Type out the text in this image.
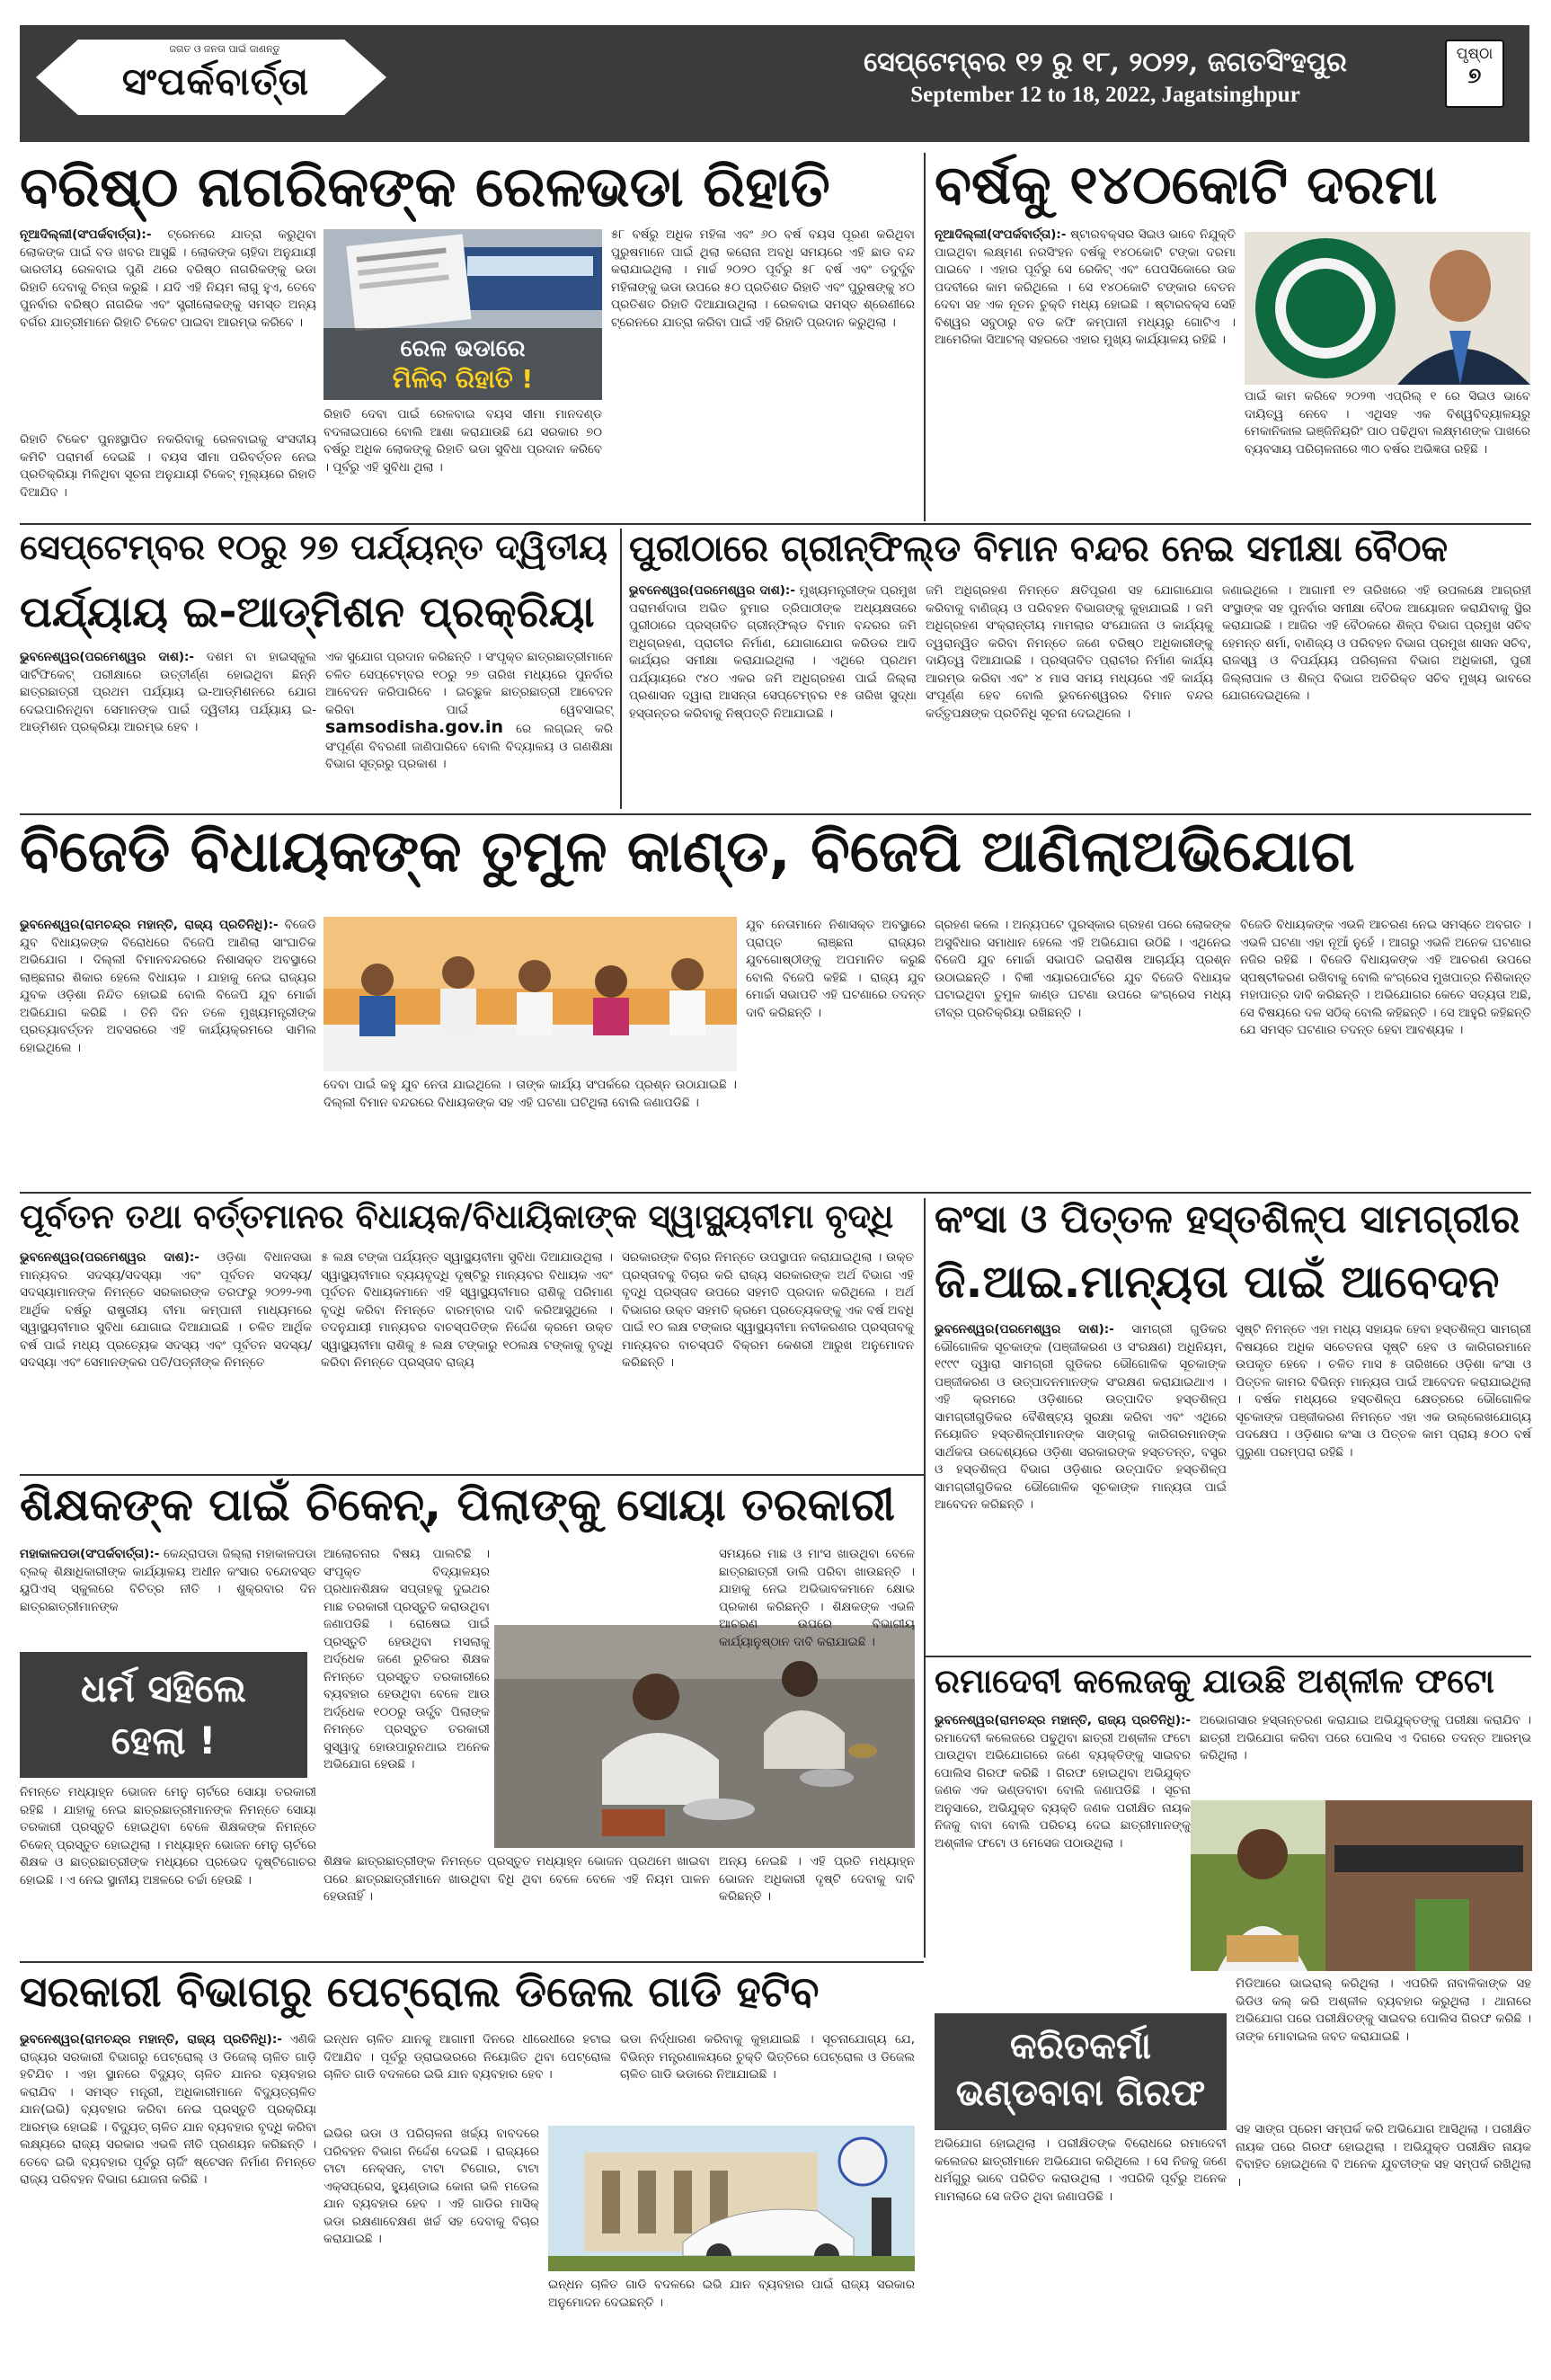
ଜଗତ ଓ ଜନତା ପାଇଁ ଜାଣନ୍ତୁ
ସଂପର୍କବାର୍ତ୍ତା	ସେପ୍ଟେମ୍ବର ୧୨ ରୁ ୧୮, ୨୦୨୨, ଜଗତସିଂହପୁର
September 12 to 18, 2022, Jagatsinghpur
ପୃଷ୍ଠା
୭
ବରିଷ୍ଠ ନାଗରିକଙ୍କ ରେଳଭଡା ରିହାତି
ନୂଆଦିଲ୍ଲୀ(ସଂପର୍କବାର୍ତ୍ତା):- ଟ୍ରେନରେ ଯାତ୍ରା କରୁଥିବା ଲୋକଙ୍କ ପାଇଁ ବଡ ଖବର ଆସୁଛି । ଲୋକଙ୍କ ଚାହିଦା ଅନୁଯାୟୀ ଭାରତୀୟ ରେଳବାଇ ପୁଣି ଥରେ ବରିଷ୍ଠ ନାଗରିକଙ୍କୁ ଭଡା ରିହାତି ଦେବାକୁ ଚିନ୍ତା କରୁଛି । ଯଦି ଏହି ନିୟମ ଲାଗୁ ହୁଏ, ତେବେ ପୁନର୍ବାର ବରିଷ୍ଠ ନାଗରିକ ଏବଂ ସ୍ତ୍ରୀଲୋକଙ୍କୁ ସମସ୍ତ ଅନ୍ୟ ବର୍ଗର ଯାତ୍ରୀମାନେ ରିହାତି ଟିକେଟ ପାଇବା ଆରମ୍ଭ କରିବେ ।
ରେଳ ଭଡାରେ
ମିଳିବ ରିହାତି !
ରିହାତି ଟିକେଟ ପୁନଃସ୍ଥାପିତ ନକରିବାକୁ ରେଳବାଇକୁ ସଂସଦୀୟ କମିଟି ପରାମର୍ଶ ଦେଇଛି । ବୟସ ସୀମା ପରିବର୍ତ୍ତନ ନେଇ ପ୍ରତିକ୍ରିୟା ମିଳିଥିବା ସୂଚନା ଅନୁଯାୟୀ ଟିକେଟ୍ ମୂଲ୍ୟରେ ରିହାତି ଦିଆଯିବ ।
ରିହାତି ଦେବା ପାଇଁ ରେଳବାଇ ବୟସ ସୀମା ମାନଦଣ୍ଡ ବଦଳାଇପାରେ ବୋଲି ଆଶା କରାଯାଉଛି ଯେ ସରକାର ୭୦ ବର୍ଷରୁ ଅଧିକ ଲୋକଙ୍କୁ ରିହାତି ଭଡା ସୁବିଧା ପ୍ରଦାନ କରିବେ । ପୂର୍ବରୁ ଏହି ସୁବିଧା ଥିଲା ।
୫୮ ବର୍ଷରୁ ଅଧିକ ମହିଳା ଏବଂ ୬୦ ବର୍ଷ ବୟସ ପୂରଣ କରିଥିବା ପୁରୁଷମାନେ ପାଇଁ ଥିଲା କରୋନା ଅବଧି ସମୟରେ ଏହି ଛାଡ ବନ୍ଦ କରାଯାଇଥିଲା । ମାର୍ଚ୍ଚ ୨୦୨୦ ପୂର୍ବରୁ ୫୮ ବର୍ଷ ଏବଂ ତଦୁର୍ଦ୍ଧ୍ବ ମହିଳାଙ୍କୁ ଭଡା ଉପରେ ୫୦ ପ୍ରତିଶତ ରିହାତି ଏବଂ ପୁରୁଷଙ୍କୁ ୪୦ ପ୍ରତିଶତ ରିହାତି ଦିଆଯାଉଥିଲା । ରେଳବାଇ ସମସ୍ତ ଶ୍ରେଣୀରେ ଟ୍ରେନରେ ଯାତ୍ରା କରିବା ପାଇଁ ଏହି ରିହାତି ପ୍ରଦାନ କରୁଥିଲା ।
ବର୍ଷକୁ ୧୪୦କୋଟି ଦରମା
ନୂଆଦିଲ୍ଲୀ(ସଂପର୍କବାର୍ତ୍ତା):- ଷ୍ଟାରବକ୍ସର ସିଇଓ ଭାବେ ନିଯୁକ୍ତି ପାଇଥିବା ଲକ୍ଷ୍ମଣ ନରସିଂହନ ବର୍ଷକୁ ୧୪୦କୋଟି ଟଙ୍କା ଦରମା ପାଇବେ । ଏହାର ପୂର୍ବରୁ ସେ ରେକିଟ୍ ଏବଂ ପେପସିକୋରେ ଉଚ୍ଚ ପଦବୀରେ କାମ କରିଥିଲେ । ସେ ୧୪୦କୋଟି ଟଙ୍କାର ବେତନ ଦେବା ସହ ଏକ ନୂତନ ଚୁକ୍ତି ମଧ୍ୟ ହୋଇଛି । ଷ୍ଟାରବକ୍ସ ସେହି ବିଶ୍ୱର ସବୁଠାରୁ ବଡ କଫି କମ୍ପାନୀ ମଧ୍ୟରୁ ଗୋଟିଏ । ଆମେରିକା ସିଆଟଲ୍ ସହରରେ ଏହାର ମୁଖ୍ୟ କାର୍ଯ୍ୟାଳୟ ରହିଛି ।
ପାଇଁ କାମ କରିବେ ୨୦୨୩ ଏପ୍ରିଲ୍ ୧ ରେ ସିଇଓ ଭାବେ ଦାୟିତ୍ୱ ନେବେ । ଏଥିସହ ଏକ ବିଶ୍ୱବିଦ୍ୟାଳୟରୁ ମେକାନିକାଲ ଇଞ୍ଜିନିୟରିଂ ପାଠ ପଢିଥିବା ଲକ୍ଷ୍ମଣଙ୍କ ପାଖରେ ବ୍ୟବସାୟ ପରିଚାଳନାରେ ୩୦ ବର୍ଷର ଅଭିଜ୍ଞତା ରହିଛି ।
ସେପ୍ଟେମ୍ବର ୧୦ରୁ ୨୭ ପର୍ଯ୍ୟନ୍ତ ଦ୍ୱିତୀୟ
ପର୍ଯ୍ୟାୟ ଇ-ଆଡ୍‌ମିଶନ ପ୍ରକ୍ରିୟା
ଭୁବନେଶ୍ୱର(ପରମେଶ୍ୱର ଦାଶ):- ଦଶମ ବା ହାଇସ୍କୁଲ ସାର୍ଟିଫିକେଟ୍ ପରୀକ୍ଷାରେ ଉତ୍ତୀର୍ଣ୍ଣ ହୋଇଥିବା ଛିନ୍ନି ଛାତ୍ରଛାତ୍ରୀ ପ୍ରଥମ ପର୍ଯ୍ୟାୟ ଇ-ଆଡ୍‌ମିଶନରେ ଯୋଗ ଦେଇପାରିନଥିବା ସେମାନଙ୍କ ପାଇଁ ଦ୍ୱିତୀୟ ପର୍ଯ୍ୟାୟ ଇ-ଆଡ୍‌ମିଶନ ପ୍ରକ୍ରିୟା ଆରମ୍ଭ ହେବ ।
ଏକ ସୁଯୋଗ ପ୍ରଦାନ କରିଛନ୍ତି । ସଂପୃକ୍ତ ଛାତ୍ରଛାତ୍ରୀମାନେ ଚଳିତ ସେପ୍ଟେମ୍ବର ୧୦ରୁ ୨୭ ତାରିଖ ମଧ୍ୟରେ ପୁନର୍ବାର ଆବେଦନ କରିପାରିବେ । ଇଚ୍ଛୁକ ଛାତ୍ରଛାତ୍ରୀ ଆବେଦନ କରିବା ପାଇଁ ୱେବସାଇଟ୍ samsodisha.gov.in ରେ ଲଗ୍‌ଇନ୍ କରି ସଂପୂର୍ଣ୍ଣ ବିବରଣୀ ଜାଣିପାରିବେ ବୋଲି ବିଦ୍ୟାଳୟ ଓ ଗଣଶିକ୍ଷା ବିଭାଗ ସୂତ୍ରରୁ ପ୍ରକାଶ ।
ପୁରୀଠାରେ ଗ୍ରୀନ୍‌ଫିଲ୍ଡ ବିମାନ ବନ୍ଦର ନେଇ ସମୀକ୍ଷା ବୈଠକ
ଭୁବନେଶ୍ୱର(ପରମେଶ୍ୱର ଦାଶ):- ମୁଖ୍ୟମନ୍ତ୍ରୀଙ୍କ ପ୍ରମୁଖ ପରାମର୍ଶଦାତା ଅଭିତ ବୁମାର ତ୍ରିପାଠୀଙ୍କ ଅଧ୍ୟକ୍ଷତାରେ ପୁରୀଠାରେ ପ୍ରସ୍ତାବିତ ଗ୍ରୀନ୍‌ଫିଲ୍ଡ ବିମାନ ବନ୍ଦରର ଜମି ଅଧିଗ୍ରହଣ, ପ୍ରାଚୀର ନିର୍ମାଣ, ଯୋଗାଯୋଗ କରିଡର ଆଦି କାର୍ଯ୍ୟର ସମୀକ୍ଷା କରାଯାଇଥିଲା । ଏଥିରେ ପ୍ରଥମ ପର୍ଯ୍ୟାୟରେ ୯୪୦ ଏକର ଜମି ଅଧିଗ୍ରହଣ ପାଇଁ ଜିଲ୍ଲା ପ୍ରଶାସନ ଦ୍ୱାରା ଆସନ୍ତା ସେପ୍ଟେମ୍ବର ୧୫ ତାରିଖ ସୁଦ୍ଧା ହସ୍ତାନ୍ତର କରିବାକୁ ନିଷ୍ପତ୍ତି ନିଆଯାଇଛି ।
ଜମି ଅଧିଗ୍ରହଣ ନିମନ୍ତେ କ୍ଷତିପୂରଣ ସହ ଯୋଗାଯୋଗ କରିବାକୁ ବାଣିଜ୍ୟ ଓ ପରିବହନ ବିଭାଗଙ୍କୁ କୁହାଯାଇଛି । ଜମି ଅଧିଗ୍ରହଣ ସଂକ୍ରାନ୍ତୀୟ ମାମଲାର ସଂଯୋଜନା ଓ କାର୍ଯ୍ୟକୁ ତ୍ୱରାନ୍ୱିତ କରିବା ନିମନ୍ତେ ଜଣେ ବରିଷ୍ଠ ଅଧିକାରୀଙ୍କୁ ଦାୟିତ୍ୱ ଦିଆଯାଇଛି । ପ୍ରସ୍ତାବିତ ପ୍ରାଚୀର ନିର୍ମାଣ କାର୍ଯ୍ୟ ଆରମ୍ଭ କରିବା ଏବଂ ୪ ମାସ ସମୟ ମଧ୍ୟରେ ଏହି କାର୍ଯ୍ୟ ସଂପୂର୍ଣ୍ଣ ହେବ ବୋଲି ଭୁବନେଶ୍ୱରର ବିମାନ ବନ୍ଦର କର୍ତ୍ତୃପକ୍ଷଙ୍କ ପ୍ରତିନିଧି ସୂଚନା ଦେଇଥିଲେ ।
ଜଣାଇଥିଲେ । ଆଗାମୀ ୧୨ ତାରିଖରେ ଏହି ଉପଲକ୍ଷେ ଆଗ୍ରହୀ ସଂସ୍ଥାଙ୍କ ସହ ପୁନର୍ବାର ସମୀକ୍ଷା ବୈଠକ ଆୟୋଜନ କରାଯିବାକୁ ସ୍ଥିର କରାଯାଇଛି । ଆଜିର ଏହି ବୈଠକରେ ଶିଳ୍ପ ବିଭାଗ ପ୍ରମୁଖ ସଚିବ ହେମନ୍ତ ଶର୍ମା, ବାଣିଜ୍ୟ ଓ ପରିବହନ ବିଭାଗ ପ୍ରମୁଖ ଶାସନ ସଚିବ, ରାଜସ୍ୱ ଓ ବିପର୍ଯ୍ୟୟ ପରିଚାଳନା ବିଭାଗ ଅଧିକାରୀ, ପୁରୀ ଜିଲ୍ଲାପାଳ ଓ ଶିଳ୍ପ ବିଭାଗ ଅତିରିକ୍ତ ସଚିବ ମୁଖ୍ୟ ଭାବରେ ଯୋଗଦେଇଥିଲେ ।
ବିଜେଡି ବିଧାୟକଙ୍କ ତୁମୁଳ କାଣ୍ଡ, ବିଜେପି ଆଣିଲାଅଭିଯୋଗ
ଭୁବନେଶ୍ୱର(ରାମଚନ୍ଦ୍ର ମହାନ୍ତି, ରାଜ୍ୟ ପ୍ରତିନିଧି):- ବିଜେଡି ଯୁବ ବିଧାୟକଙ୍କ ବିରୋଧରେ ବିଜେପି ଆଣିଲା ସାଂଘାତିକ ଅଭିଯୋଗ । ଦିଲ୍ଲୀ ବିମାନବନ୍ଦରରେ ନିଶାସକ୍ତ ଅବସ୍ଥାରେ ଲାଞ୍ଛନାର ଶିକାର ହେଲେ ବିଧାୟକ । ଯାହାକୁ ନେଇ ରାଜ୍ୟର ଯୁବକ ଓଡ଼ିଶା ନିନ୍ଦିତ ହୋଇଛି ବୋଲି ବିଜେପି ଯୁବ ମୋର୍ଚ୍ଚା ଅଭିଯୋଗ କରିଛି । ତିନି ଦିନ ତଳେ ମୁଖ୍ୟମନ୍ତ୍ରୀଙ୍କ ପ୍ରତ୍ୟାବର୍ତ୍ତନ ଅବସରରେ ଏହି କାର୍ଯ୍ୟକ୍ରମରେ ସାମିଲ ହୋଇଥିଲେ ।
ଦେବା ପାଇଁ କହୁ ଯୁବ ନେତା ଯାଇଥିଲେ । ତାଙ୍କ କାର୍ଯ୍ୟ ସଂପର୍କରେ ପ୍ରଶ୍ନ ଉଠାଯାଇଛି । ଦିଲ୍ଲୀ ବିମାନ ବନ୍ଦରରେ ବିଧାୟକଙ୍କ ସହ ଏହି ଘଟଣା ଘଟିଥିଲା ବୋଲି ଜଣାପଡିଛି ।
ଯୁବ ନେତାମାନେ ନିଶାସକ୍ତ ଅବସ୍ଥାରେ ପ୍ରାପ୍ତ ଲାଞ୍ଛନା ରାଜ୍ୟର ଯୁବଗୋଷ୍ଠୀଙ୍କୁ ଅପମାନିତ କରୁଛି ବୋଲି ବିଜେପି କହିଛି । ରାଜ୍ୟ ଯୁବ ମୋର୍ଚ୍ଚା ସଭାପତି ଏହି ଘଟଣାରେ ତଦନ୍ତ ଦାବି କରିଛନ୍ତି ।
ଗ୍ରହଣ କଲେ । ଅନ୍ୟପଟେ ପୁରସ୍କାର ଗ୍ରହଣ ପରେ ଲୋକଙ୍କ ଅସୁବିଧାର ସମାଧାନ ହେଲେ ଏହି ଅଭିଯୋଗ ଉଠିଛି । ଏଥିନେଇ ବିଜେପି ଯୁବ ମୋର୍ଚ୍ଚା ସଭାପତି ଇରାଶିଷ ଆଚାର୍ଯ୍ୟ ପ୍ରଶ୍ନ ଉଠାଇଛନ୍ତି । ବିଜ୍ଞୀ ଏୟାରପୋର୍ଟରେ ଯୁବ ବିଜେଡି ବିଧାୟକ ଘଟାଇଥିବା ତୁମୁଳ କାଣ୍ଡ ଘଟଣା ଉପରେ କଂଗ୍ରେସ ମଧ୍ୟ ତୀବ୍ର ପ୍ରତିକ୍ରିୟା ରଖିଛନ୍ତି ।
ବିଜେଡି ବିଧାୟକଙ୍କ ଏଭଳି ଆଚରଣ ନେଇ ସମସ୍ତେ ଅବଗତ । ଏଭଳି ଘଟଣା ଏହା ନୂଆଁ ନୁହେଁ । ଆଗରୁ ଏଭଳି ଅନେକ ଘଟଣାର ନଜିର ରହିଛି । ବିଜେଡି ବିଧାୟକଙ୍କ ଏହି ଆଚରଣ ଉପରେ ସ୍ପଷ୍ଟୀକରଣ ରଖିବାକୁ ବୋଲି କଂଗ୍ରେସ ମୁଖପାତ୍ର ନିଶିକାନ୍ତ ମହାପାତ୍ର ଦାବି କରିଛନ୍ତି । ଅଭିଯୋଗର କେତେ ସତ୍ୟତା ଅଛି, ସେ ବିଷୟରେ ଦଳ ସଠିକ୍ ବୋଲି କହିଛନ୍ତି । ସେ ଆହୁରି କହିଛନ୍ତି ଯେ ସମସ୍ତ ଘଟଣାର ତଦନ୍ତ ହେବା ଆବଶ୍ୟକ ।
ପୂର୍ବତନ ତଥା ବର୍ତ୍ତମାନର ବିଧାୟକ/ବିଧାୟିକାଙ୍କ ସ୍ୱାସ୍ଥ୍ୟବୀମା ବୃଦ୍ଧି
ଭୁବନେଶ୍ୱର(ପରମେଶ୍ୱର ଦାଶ):- ଓଡ଼ିଶା ବିଧାନସଭା ମାନ୍ୟବର ସଦସ୍ୟ/ସଦସ୍ୟା ଏବଂ ପୂର୍ବତନ ସଦସ୍ୟ/ସଦସ୍ୟାମାନଙ୍କ ନିମନ୍ତେ ସରକାରଙ୍କ ତରଫରୁ ୨୦୨୨-୨୩ ଆର୍ଥିକ ବର୍ଷରୁ ରାଷ୍ଟ୍ରୀୟ ବୀମା କମ୍ପାନୀ ମାଧ୍ୟମରେ ସ୍ୱାସ୍ଥ୍ୟବୀମାର ସୁବିଧା ଯୋଗାଇ ଦିଆଯାଇଛି । ଚଳିତ ଆର୍ଥିକ ବର୍ଷ ପାଇଁ ମଧ୍ୟ ପ୍ରତ୍ୟେକ ସଦସ୍ୟ ଏବଂ ପୂର୍ବତନ ସଦସ୍ୟ/ସଦସ୍ୟା ଏବଂ ସେମାନଙ୍କର ପତି/ପତ୍ନୀଙ୍କ ନିମନ୍ତେ
୫ ଲକ୍ଷ ଟଙ୍କା ପର୍ଯ୍ୟନ୍ତ ସ୍ୱାସ୍ଥ୍ୟବୀମା ସୁବିଧା ଦିଆଯାଉଥିଲା । ସ୍ୱାସ୍ଥ୍ୟବୀମାର ବ୍ୟୟବୃଦ୍ଧି ଦୃଷ୍ଟିରୁ ମାନ୍ୟବର ବିଧାୟକ ଏବଂ ପୂର୍ବତନ ବିଧାୟକମାନେ ଏହି ସ୍ୱାସ୍ଥ୍ୟବୀମାର ରାଶିକୁ ପରିମାଣ ବୃଦ୍ଧି କରିବା ନିମନ୍ତେ ବାରମ୍ବାର ଦାବି କରିଆସୁଥିଲେ । ତଦନୁଯାୟୀ ମାନ୍ୟବର ବାଚସ୍ପତିଙ୍କ ନିର୍ଦ୍ଦେଶ କ୍ରମେ ଉକ୍ତ ସ୍ୱାସ୍ଥ୍ୟବୀମା ରାଶିକୁ ୫ ଲକ୍ଷ ଟଙ୍କାରୁ ୧୦ଲକ୍ଷ ଟଙ୍କାକୁ ବୃଦ୍ଧି କରିବା ନିମନ୍ତେ ପ୍ରସ୍ତାବ ରାଜ୍ୟ
ସରକାରଙ୍କ ବିଚାର ନିମନ୍ତେ ଉପସ୍ଥାପନ କରାଯାଇଥିଲା । ଉକ୍ତ ପ୍ରସ୍ତାବକୁ ବିଚାର କରି ରାଜ୍ୟ ସରକାରଙ୍କ ଅର୍ଥ ବିଭାଗ ଏହି ବୃଦ୍ଧି ପ୍ରସ୍ତାବ ଉପରେ ସହମତି ପ୍ରଦାନ କରିଥିଲେ । ଅର୍ଥ ବିଭାଗର ଉକ୍ତ ସହମତି କ୍ରମେ ପ୍ରତ୍ୟେକଙ୍କୁ ଏକ ବର୍ଷ ଅବଧି ପାଇଁ ୧୦ ଲକ୍ଷ ଟଙ୍କାର ସ୍ୱାସ୍ଥ୍ୟବୀମା ନବୀକରଣର ପ୍ରସ୍ତାବକୁ ମାନ୍ୟବର ବାଚସ୍ପତି ବିକ୍ରମ କେଶରୀ ଆରୁଖ ଅନୁମୋଦନ କରିଛନ୍ତି ।
କଂସା ଓ ପିତ୍ତଳ ହସ୍ତଶିଳ୍ପ ସାମଗ୍ରୀର
ଜି.ଆଇ.ମାନ୍ୟତା ପାଇଁ ଆବେଦନ
ଭୁବନେଶ୍ୱର(ପରମେଶ୍ୱର ଦାଶ):- ସାମଗ୍ରୀ ଗୁଡିକର ଭୌଗୋଳିକ ସୂଚକାଙ୍କ (ପଞ୍ଜୀକରଣ ଓ ସଂରକ୍ଷଣ) ଅଧିନିୟମ, ୧୯୯୯ ଦ୍ୱାରା ସାମଗ୍ରୀ ଗୁଡିକର ଭୌଗୋଳିକ ସୂଚକାଙ୍କ ପଞ୍ଜୀକରଣ ଓ ଉତ୍ପାଦନମାନଙ୍କ ସଂରକ୍ଷଣ କରାଯାଇଥାଏ । ଏହି କ୍ରମରେ ଓଡ଼ିଶାରେ ଉତ୍ପାଦିତ ହସ୍ତଶିଳ୍ପ ସାମଗ୍ରୀଗୁଡିକର ବୈଶିଷ୍ଟ୍ୟ ସୁରକ୍ଷା କରିବା ଏବଂ ଏଥିରେ ନିୟୋଜିତ ହସ୍ତଶିଳ୍ପୀମାନଙ୍କ ସାଙ୍ଗକୁ କାରିଗରମାନଙ୍କ ସାର୍ଥକତା ଉଦ୍ଦେଶ୍ୟରେ ଓଡ଼ିଶା ସରକାରଙ୍କ ହସ୍ତତନ୍ତ, ବସ୍ତ୍ର ଓ ହସ୍ତଶିଳ୍ପ ବିଭାଗ ଓଡ଼ିଶାର ଉତ୍ପାଦିତ ହସ୍ତଶିଳ୍ପ ସାମଗ୍ରୀଗୁଡିକର ଭୌଗୋଳିକ ସୂଚକାଙ୍କ ମାନ୍ୟତା ପାଇଁ ଆବେଦନ କରିଛନ୍ତି ।
ସୃଷ୍ଟି ନିମନ୍ତେ ଏହା ମଧ୍ୟ ସହାୟକ ହେବା ହସ୍ତଶିଳ୍ପ ସାମଗ୍ରୀ ବିଷୟରେ ଅଧିକ ସଚେତନତା ସୃଷ୍ଟି ହେବ ଓ କାରିଗରମାନେ ଉପକୃତ ହେବେ । ଚଳିତ ମାସ ୫ ତାରିଖରେ ଓଡ଼ିଶା କଂସା ଓ ପିତ୍ତଳ କାମର ବିଭିନ୍ନ ମାନ୍ୟତା ପାଇଁ ଆବେଦନ କରାଯାଇଥିଲା । ବର୍ଷକ ମଧ୍ୟରେ ହସ୍ତଶିଳ୍ପ କ୍ଷେତ୍ରରେ ଭୌଗୋଳିକ ସୂଚକାଙ୍କ ପଞ୍ଜୀକରଣ ନିମନ୍ତେ ଏହା ଏକ ଉଲ୍ଲେଖଯୋଗ୍ୟ ପଦକ୍ଷେପ । ଓଡ଼ିଶାର କଂସା ଓ ପିତ୍ତଳ କାମ ପ୍ରାୟ ୫୦୦ ବର୍ଷ ପୁରୁଣା ପରମ୍ପରା ରହିଛି ।
ଶିକ୍ଷକଙ୍କ ପାଇଁ ଚିକେନ୍, ପିଲାଙ୍କୁ ସୋୟା ତରକାରୀ
ମହାକାଳପଡା(ସଂପର୍କବାର୍ତ୍ତା):- କେନ୍ଦ୍ରାପଡା ଜିଲ୍ଲା ମହାକାଳପଡା ବ୍ଲକ୍ ଶିକ୍ଷାଧିକାରୀଙ୍କ କାର୍ଯ୍ୟାଳୟ ଅଧୀନ କଂସାର ବନ୍ଦୋବସ୍ତ ୟୁପିଏସ୍ ସ୍କୁଲରେ ବିଚିତ୍ର ନୀତି । ଶୁକ୍ରବାର ଦିନ ଛାତ୍ରଛାତ୍ରୀମାନଙ୍କ
ଧର୍ମ ସହିଲେ
ହେଲା !
ନିମନ୍ତେ ମଧ୍ୟାହ୍ନ ଭୋଜନ ମେନୁ ଚାର୍ଟରେ ସୋୟା ତରକାରୀ ରହିଛି । ଯାହାକୁ ନେଇ ଛାତ୍ରଛାତ୍ରୀମାନଙ୍କ ନିମନ୍ତେ ସୋୟା ତରକାରୀ ପ୍ରସ୍ତୁତି ହୋଇଥିବା ବେଳେ ଶିକ୍ଷକଙ୍କ ନିମନ୍ତେ ଚିକେନ୍ ପ୍ରସ୍ତୁତ ହୋଇଥିଲା । ମଧ୍ୟାହ୍ନ ଭୋଜନ ମେନୁ ଚାର୍ଟରେ ଶିକ୍ଷକ ଓ ଛାତ୍ରଛାତ୍ରୀଙ୍କ ମଧ୍ୟରେ ପ୍ରଭେଦ ଦୃଷ୍ଟିଗୋଚର ହୋଇଛି । ଏ ନେଇ ସ୍ଥାନୀୟ ଅଞ୍ଚଳରେ ଚର୍ଚ୍ଚା ହେଉଛି ।
ଆଲୋଚନାର ବିଷୟ ପାଲଟିଛି । ସଂପୃକ୍ତ ବିଦ୍ୟାଳୟର ପ୍ରଧାନଶିକ୍ଷକ ସପ୍ତାହକୁ ଦୁଇଥର ମାଛ ତରକାରୀ ପ୍ରସ୍ତୁତି କରାଉଥିବା ଜଣାପଡିଛି । ରୋଷେଇ ପାଇଁ ପ୍ରସ୍ତୁତି ହେଉଥିବା ମସଲାକୁ ଅର୍ଦ୍ଧେକ ଜଣେ ରୁଚିକର ଶିକ୍ଷକ ନିମନ୍ତେ ପ୍ରସ୍ତୁତ ତରକାରୀରେ ବ୍ୟବହାର ହେଉଥିବା ବେଳେ ଆଉ ଅର୍ଦ୍ଧେକ ୧୦୦ରୁ ଊର୍ଦ୍ଧ୍ବ ପିଲାଙ୍କ ନିମନ୍ତେ ପ୍ରସ୍ତୁତ ତରକାରୀ ସୁସ୍ୱାଦୁ ହୋଉପାରୁନଥାଇ ଅନେକ ଅଭିଯୋଗ ହେଉଛି ।
ଶିକ୍ଷକ ଛାତ୍ରଛାତ୍ରୀଙ୍କ ନିମନ୍ତେ ପ୍ରସ୍ତୁତ ମଧ୍ୟାହ୍ନ ଭୋଜନ ପ୍ରଥମେ ଖାଇବା ପରେ ଛାତ୍ରଛାତ୍ରୀମାନେ ଖାଉଥିବା ବିଧି ଥିବା ବେଳେ ବେଳେ ଏହି ନିୟମ ପାଳନ ହେଉନାହିଁ ।
ସମୟରେ ମାଛ ଓ ମାଂସ ଖାଉଥିବା ବେଳେ ଛାତ୍ରଛାତ୍ରୀ ଡାଲି ପରିବା ଖାଉଛନ୍ତି । ଯାହାକୁ ନେଇ ଅଭିଭାବକମାନେ କ୍ଷୋଭ ପ୍ରକାଶ କରିଛନ୍ତି । ଶିକ୍ଷକଙ୍କ ଏଭଳି ଆଚରଣ ଉପରେ ବିଭାଗୀୟ କାର୍ଯ୍ୟାନୁଷ୍ଠାନ ଦାବି କରାଯାଇଛି ।
ଅନ୍ୟ ନେଇଛି । ଏହି ପ୍ରତି ମଧ୍ୟାହ୍ନ ଭୋଜନ ଅଧିକାରୀ ଦୃଷ୍ଟି ଦେବାକୁ ଦାବି କରିଛନ୍ତି ।
ରମାଦେବୀ କଲେଜକୁ ଯାଉଛି ଅଶ୍ଳୀଳ ଫଟୋ
ଭୁବନେଶ୍ୱର(ରାମଚନ୍ଦ୍ର ମହାନ୍ତି, ରାଜ୍ୟ ପ୍ରତିନିଧି):- ରମାଦେବୀ କଲେଜରେ ପଢୁଥିବା ଛାତ୍ରୀ ଅଶ୍ଳୀଳ ଫଟୋ ପାଉଥିବା ଅଭିଯୋଗରେ ଜଣେ ବ୍ୟକ୍ତିଙ୍କୁ ସାଇବର ପୋଲିସ ଗିରଫ କରିଛି । ଗିରଫ ହୋଇଥିବା ଅଭିଯୁକ୍ତ ଜଣକ ଏକ ଭଣ୍ଡବାବା ବୋଲି ଜଣାପଡିଛି । ସୂଚନା ଅନୁସାରେ, ଅଭିଯୁକ୍ତ ବ୍ୟକ୍ତି ଜଣକ ପରୀକ୍ଷିତ ନାୟକ ନିଜକୁ ବାବା ବୋଲି ପରିଚୟ ଦେଇ ଛାତ୍ରୀମାନଙ୍କୁ ଅଶ୍ଳୀଳ ଫଟୋ ଓ ମେସେଜ ପଠାଉଥିଲା ।
ଅଭୋଗସାର ହସ୍ତାନ୍ତରଣ କରାଯାଇ ଅଭିଯୁକ୍ତଙ୍କୁ ପରୀକ୍ଷା କରାଯିବ । ଛାତ୍ରୀ ଅଭିଯୋଗ କରିବା ପରେ ପୋଲିସ ଏ ଦିଗରେ ତଦନ୍ତ ଆରମ୍ଭ କରିଥିଲା ।
ମିଡିଆରେ ଭାଇରାଲ୍ କରିଥିଲା । ଏପରିକି ନାବାଳିକାଙ୍କ ସହ ଭିଡିଓ କଲ୍ କରି ଅଶ୍ଳୀଳ ବ୍ୟବହାର କରୁଥିଲା । ଥାନାରେ ଅଭିଯୋଗ ପରେ ପରୀକ୍ଷିତଙ୍କୁ ସାଇବର ପୋଲିସ ଗିରଫ କରିଛି । ତାଙ୍କ ମୋବାଇଲ ଜବତ କରାଯାଇଛି ।
କରିତକର୍ମା
ଭଣ୍ଡବାବା ଗିରଫ
ଅଭିଯୋଗ ହୋଇଥିଲା । ପରୀକ୍ଷିତଙ୍କ ବିରୋଧରେ ରମାଦେବୀ କଲେଜର ଛାତ୍ରୀମାନେ ଅଭିଯୋଗ କରିଥିଲେ । ସେ ନିଜକୁ ଜଣେ ଧର୍ମଗୁରୁ ଭାବେ ପରିଚିତ କରାଉଥିଲା । ଏପରିକି ପୂର୍ବରୁ ଅନେକ ମାମଲାରେ ସେ ଜଡିତ ଥିବା ଜଣାପଡିଛି ।
ସହ ସାଙ୍ଗ ପ୍ରେମ ସମ୍ପର୍କ କରି ଅଭିଯୋଗ ଆସିଥିଲା । ପରୀକ୍ଷିତ ନାୟକ ପରେ ଗିରଫ ହୋଇଥିଲା । ଅଭିଯୁକ୍ତ ପରୀକ୍ଷିତ ନାୟକ ବିବାହିତ ହୋଇଥିଲେ ବି ଅନେକ ଯୁବତୀଙ୍କ ସହ ସମ୍ପର୍କ ରଖିଥିଲା ।
ସରକାରୀ ବିଭାଗରୁ ପେଟ୍ରୋଲ ଡିଜେଲ ଗାଡି ହଟିବ
ଭୁବନେଶ୍ୱର(ରାମଚନ୍ଦ୍ର ମହାନ୍ତି, ରାଜ୍ୟ ପ୍ରତିନିଧି):- ଏଣିକି ରାଜ୍ୟର ସରକାରୀ ବିଭାଗରୁ ପେଟ୍ରୋଲ୍ ଓ ଡିଜେଲ୍ ଚାଳିତ ଗାଡ଼ି ହଟିଯିବ । ଏହା ସ୍ଥାନରେ ବିଦ୍ୟୁତ୍ ଚାଳିତ ଯାନର ବ୍ୟବହାର କରାଯିବ । ସମସ୍ତ ମନ୍ତ୍ରୀ, ଅଧିକାରୀମାନେ ବିଦ୍ୟୁତ୍‌ଚାଳିତ ଯାନ(ଇଭି) ବ୍ୟବହାର କରିବା ନେଇ ପ୍ରସ୍ତୁତି ପ୍ରକ୍ରିୟା ଆରମ୍ଭ ହୋଇଛି । ବିଦ୍ୟୁତ୍ ଚାଳିତ ଯାନ ବ୍ୟବହାର ବୃଦ୍ଧି କରିବା ଲକ୍ଷ୍ୟରେ ରାଜ୍ୟ ସରକାର ଏଭଳି ନୀତି ପ୍ରଣୟନ କରିଛନ୍ତି । ତେବେ ଇଭି ବ୍ୟବହାର ପୂର୍ବରୁ ଚାର୍ଜିଂ ଷ୍ଟେସନ ନିର୍ମାଣ ନିମନ୍ତେ ରାଜ୍ୟ ପରିବହନ ବିଭାଗ ଯୋଜନା କରିଛି ।
ଇନ୍ଧନ ଚାଳିତ ଯାନକୁ ଆଗାମୀ ଦିନରେ ଧୀରେଧୀରେ ହଟାଇ ଦିଆଯିବ । ପୂର୍ବରୁ ଡ୍ରାଇଭରରେ ନିୟୋଜିତ ଥିବା ପେଟ୍ରୋଲ ଚାଳିତ ଗାଡି ବଦଳରେ ଇଭି ଯାନ ବ୍ୟବହାର ହେବ ।
ଭଡା ନିର୍ଦ୍ଧାରଣ କରିବାକୁ କୁହାଯାଇଛି । ସୂଚନାଯୋଗ୍ୟ ଯେ, ବିଭିନ୍ନ ମନ୍ତ୍ରଣାଳୟରେ ଚୁକ୍ତି ଭିତ୍ତିରେ ପେଟ୍ରୋଲ ଓ ଡିଜେଲ ଚାଳିତ ଗାଡି ଭଡାରେ ନିଆଯାଇଛି ।
ଇଭିର ଭଡା ଓ ପରିଚାଳନା ଖର୍ଚ୍ଚ୍ୟ ବାବଦରେ ପରିବହନ ବିଭାଗ ନିର୍ଦ୍ଦେଶ ଦେଇଛି । ରାଜ୍ୟରେ ଟାଟା ନେକ୍ସନ୍, ଟାଟା ଟିଗୋର, ଟାଟା ଏକ୍ସପ୍ରେସ, ହ୍ୟୁଣ୍ଡାଇ କୋନା ଭଳି ମଡେଲ ଯାନ ବ୍ୟବହାର ହେବ । ଏହି ଗାଡିର ମାସିକ୍ ଭଡା ରକ୍ଷଣାବେକ୍ଷଣ ଖର୍ଚ୍ଚ ସହ ଦେବାକୁ ବିଚାର କରାଯାଇଛି ।
ଇନ୍ଧନ ଚାଳିତ ଗାଡି ବଦଳରେ ଇଭି ଯାନ ବ୍ୟବହାର ପାଇଁ ରାଜ୍ୟ ସରକାର ଅନୁମୋଦନ ଦେଇଛନ୍ତି ।
